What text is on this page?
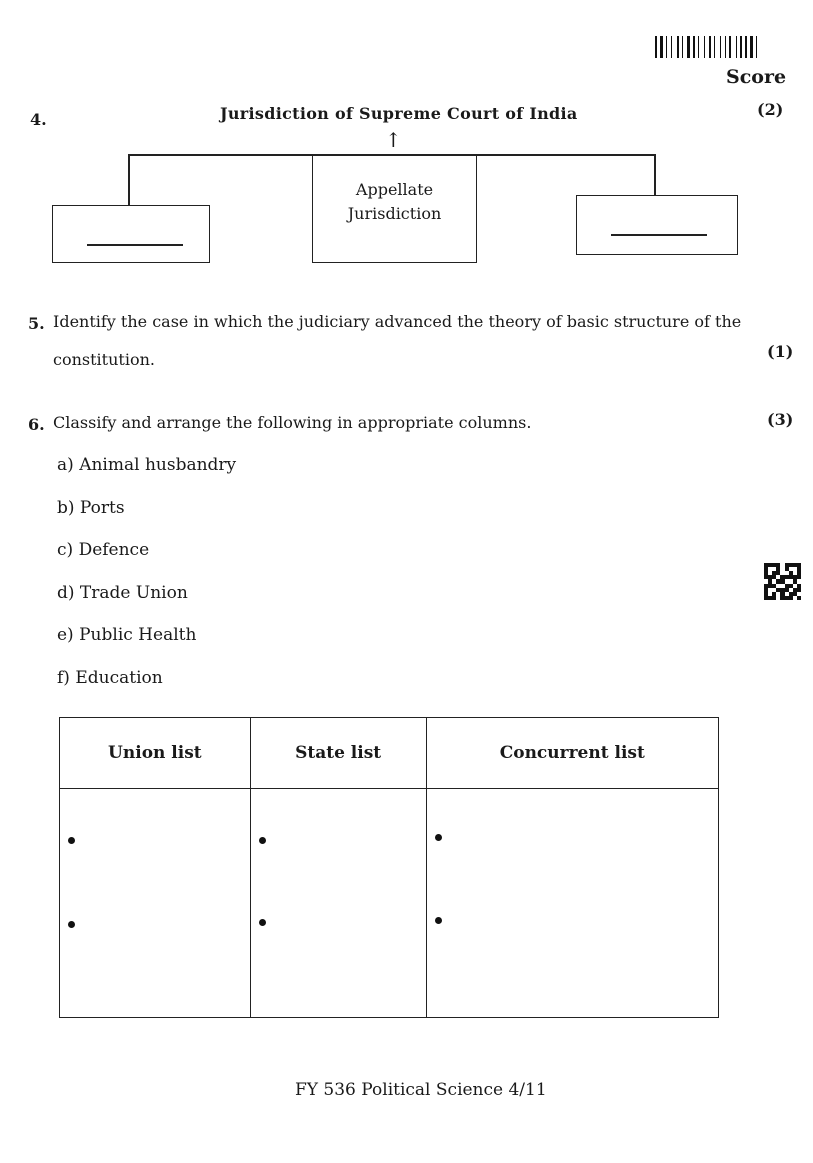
Score
4.
(2)
Jurisdiction of Supreme Court of India
↑
Appellate
Jurisdiction
5. Identify the case in which the judiciary advanced the theory of basic structure of the
constitution.	(1)
6. Classify and arrange the following in appropriate columns.	(3)
a) Animal husbandry
b) Ports
c) Defence
d) Trade Union
e) Public Health
f) Education
Union list	State list	Concurrent list

FY 536 Political Science 4/11
